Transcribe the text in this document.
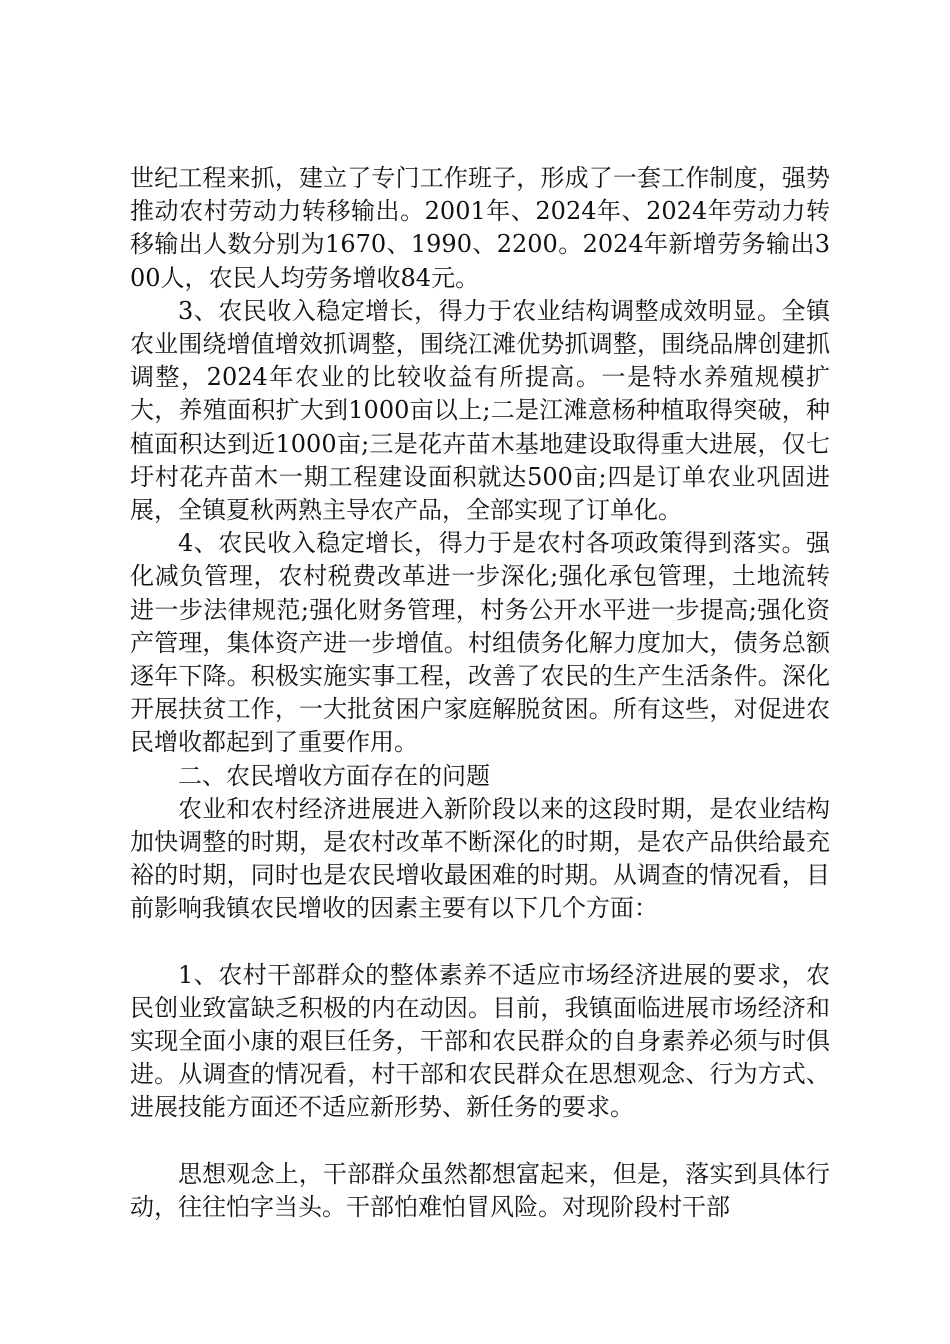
世纪工程来抓，建立了专门工作班子，形成了一套工作制度，强势推动农村劳动力转移输出。2001年、2024年、2024年劳动力转移输出人数分别为1670、1990、2200。2024年新增劳务输出300人，农民人均劳务增收84元。

3、农民收入稳定增长，得力于农业结构调整成效明显。全镇农业围绕增值增效抓调整，围绕江滩优势抓调整，围绕品牌创建抓调整，2024年农业的比较收益有所提高。一是特水养殖规模扩大，养殖面积扩大到1000亩以上;二是江滩意杨种植取得突破，种植面积达到近1000亩;三是花卉苗木基地建设取得重大进展，仅七圩村花卉苗木一期工程建设面积就达500亩;四是订单农业巩固进展，全镇夏秋两熟主导农产品，全部实现了订单化。

4、农民收入稳定增长，得力于是农村各项政策得到落实。强化减负管理，农村税费改革进一步深化;强化承包管理，土地流转进一步法律规范;强化财务管理，村务公开水平进一步提高;强化资产管理，集体资产进一步增值。村组债务化解力度加大，债务总额逐年下降。积极实施实事工程，改善了农民的生产生活条件。深化开展扶贫工作，一大批贫困户家庭解脱贫困。所有这些，对促进农民增收都起到了重要作用。

二、农民增收方面存在的问题

农业和农村经济进展进入新阶段以来的这段时期，是农业结构加快调整的时期，是农村改革不断深化的时期，是农产品供给最充裕的时期，同时也是农民增收最困难的时期。从调查的情况看，目前影响我镇农民增收的因素主要有以下几个方面：

1、农村干部群众的整体素养不适应市场经济进展的要求，农民创业致富缺乏积极的内在动因。目前，我镇面临进展市场经济和实现全面小康的艰巨任务，干部和农民群众的自身素养必须与时俱进。从调查的情况看，村干部和农民群众在思想观念、行为方式、进展技能方面还不适应新形势、新任务的要求。

思想观念上，干部群众虽然都想富起来，但是，落实到具体行动，往往怕字当头。干部怕难怕冒风险。对现阶段村干部
